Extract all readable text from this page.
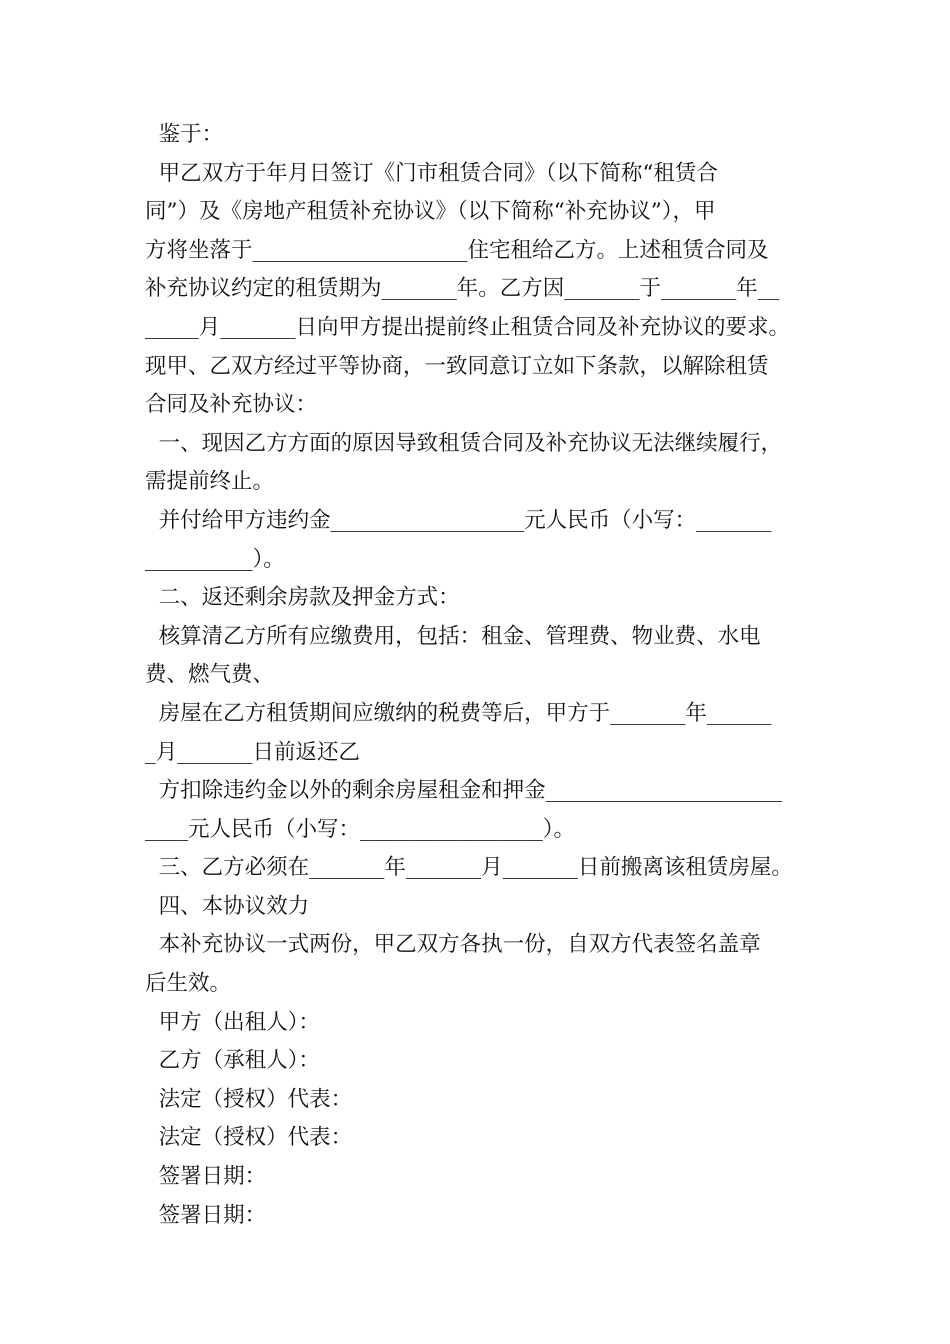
鉴于：
甲乙双方于年月日签订《门市租赁合同》（以下简称“租赁合
同”）及《房地产租赁补充协议》（以下简称“补充协议”），甲
方将坐落于____________________住宅租给乙方。上述租赁合同及
补充协议约定的租赁期为_______年。乙方因_______于_______年__
_____月_______日向甲方提出提前终止租赁合同及补充协议的要求。
现甲、乙双方经过平等协商，一致同意订立如下条款，以解除租赁
合同及补充协议：
一、现因乙方方面的原因导致租赁合同及补充协议无法继续履行，
需提前终止。
并付给甲方违约金__________________元人民币（小写：_______
__________）。
二、返还剩余房款及押金方式：
核算清乙方所有应缴费用，包括：租金、管理费、物业费、水电
费、燃气费、
房屋在乙方租赁期间应缴纳的税费等后，甲方于_______年______
_月_______日前返还乙
方扣除违约金以外的剩余房屋租金和押金______________________
____元人民币（小写：_________________）。
三、乙方必须在_______年_______月_______日前搬离该租赁房屋。
四、本协议效力
本补充协议一式两份，甲乙双方各执一份，自双方代表签名盖章
后生效。
甲方（出租人）：
乙方（承租人）：
法定（授权）代表：
法定（授权）代表：
签署日期：
签署日期：
